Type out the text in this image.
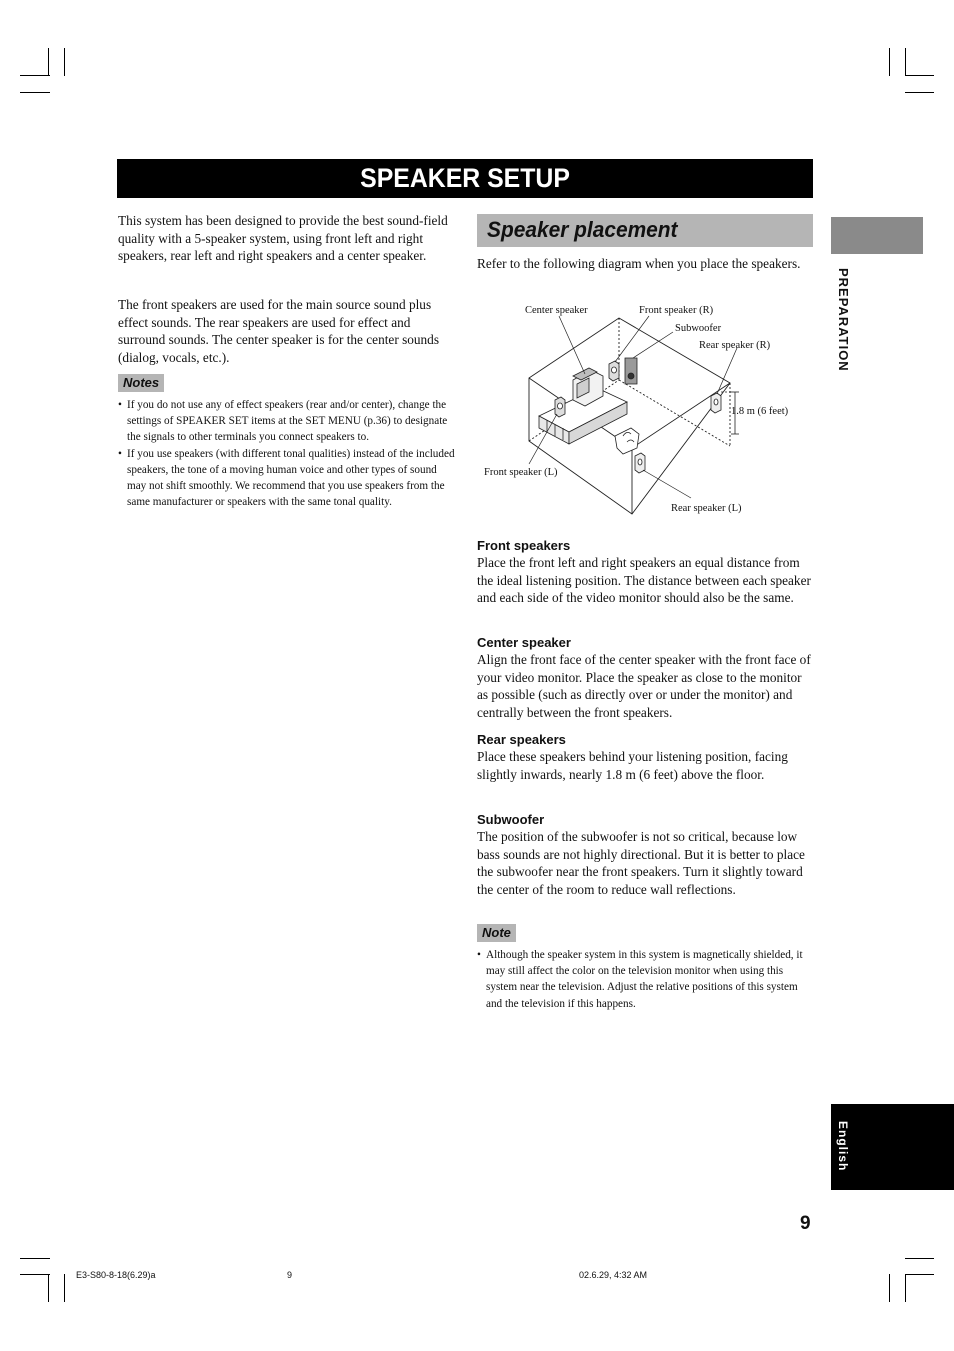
SPEAKER SETUP
This system has been designed to provide the best sound-field quality with a 5-speaker system, using front left and right speakers, rear left and right speakers and a center speaker.
The front speakers are used for the main source sound plus effect sounds. The rear speakers are used for effect and surround sounds. The center speaker is for the center sounds (dialog, vocals, etc.).
Notes
• If you do not use any of effect speakers (rear and/or center), change the settings of SPEAKER SET items at the SET MENU (p.36) to designate the signals to other terminals you connect speakers to.
• If you use speakers (with different tonal qualities) instead of the included speakers, the tone of a moving human voice and other types of sound may not shift smoothly. We recommend that you use speakers from the same manufacturer or speakers with the same tonal quality.
Speaker placement
Refer to the following diagram when you place the speakers.
Center speaker	Front speaker (R)
Subwoofer
Rear speaker (R)
1.8 m (6 feet)
Front speaker (L)
Rear speaker (L)
Front speakers
Place the front left and right speakers an equal distance from the ideal listening position. The distance between each speaker and each side of the video monitor should also be the same.
Center speaker
Align the front face of the center speaker with the front face of your video monitor. Place the speaker as close to the monitor as possible (such as directly over or under the monitor) and centrally between the front speakers.
Rear speakers
Place these speakers behind your listening position, facing slightly inwards, nearly 1.8 m (6 feet) above the floor.
Subwoofer
The position of the subwoofer is not so critical, because low bass sounds are not highly directional. But it is better to place the subwoofer near the front speakers. Turn it slightly toward the center of the room to reduce wall reflections.
Note
• Although the speaker system in this system is magnetically shielded, it may still affect the color on the television monitor when using this system near the television. Adjust the relative positions of this system and the television if this happens.
PREPARATION
English
9
E3-S80-8-18(6.29)a	9	02.6.29, 4:32 AM
